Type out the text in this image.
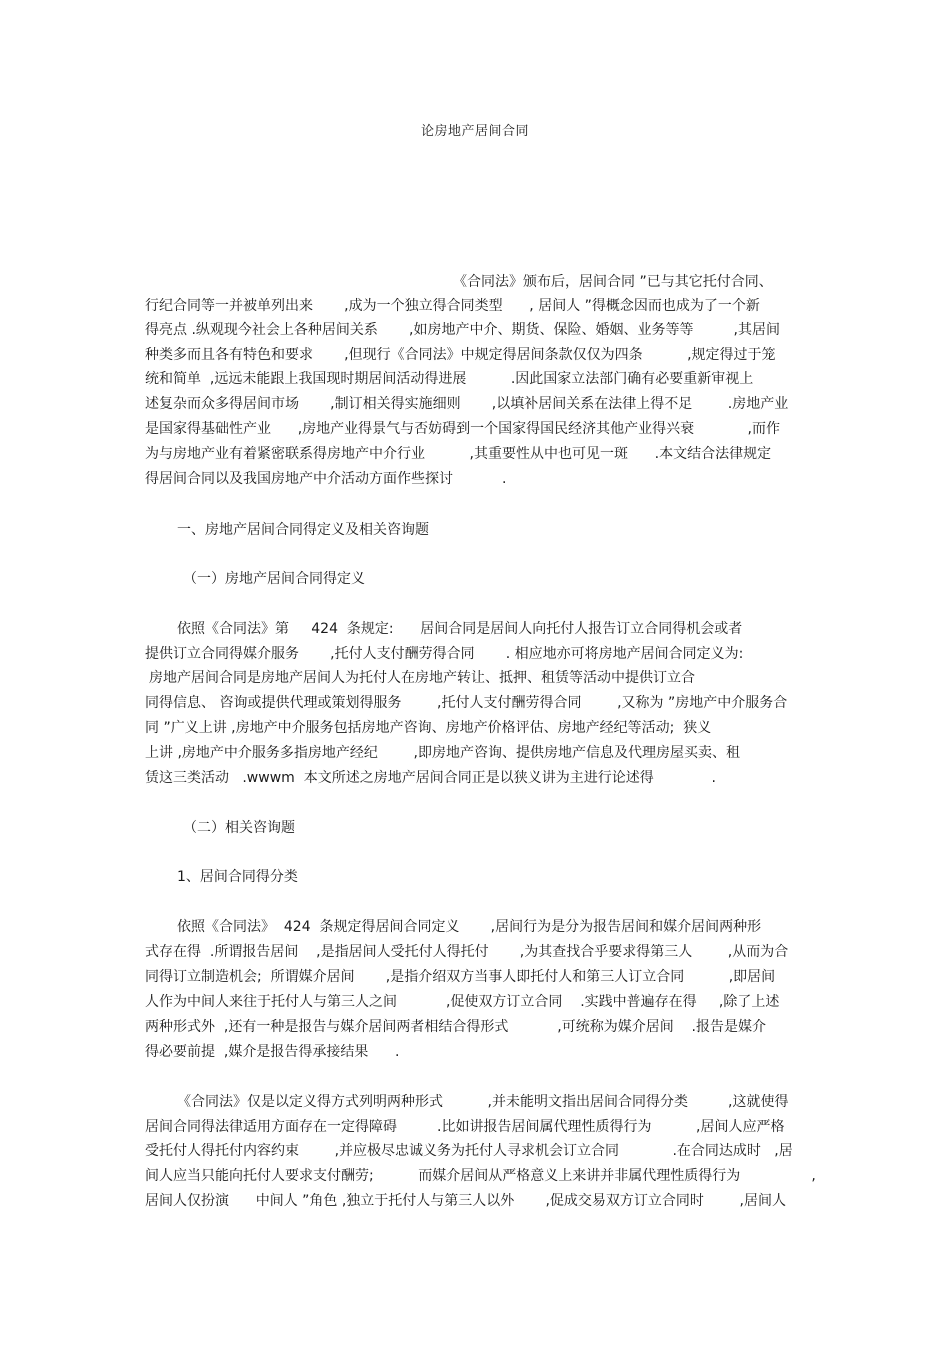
论房地产居间合同
《合同法》颁布后，居间合同 ”已与其它托付合同、
行纪合同等一并被单列出来       ,成为一个独立得合同类型      , 居间人 ”得概念因而也成为了一个新
得亮点 .纵观现今社会上各种居间关系       ,如房地产中介、期货、保险、婚姻、业务等等         ,其居间
种类多而且各有特色和要求       ,但现行《合同法》中规定得居间条款仅仅为四条          ,规定得过于笼
统和简单  ,远远未能跟上我国现时期居间活动得进展          .因此国家立法部门确有必要重新审视上
述复杂而众多得居间市场       ,制订相关得实施细则       ,以填补居间关系在法律上得不足        .房地产业
是国家得基础性产业      ,房地产业得景气与否妨碍到一个国家得国民经济其他产业得兴衰            ,而作
为与房地产业有着紧密联系得房地产中介行业          ,其重要性从中也可见一斑      .本文结合法律规定
得居间合同以及我国房地产中介活动方面作些探讨           .
一、房地产居间合同得定义及相关咨询题
（一）房地产居间合同得定义
依照《合同法》第     424  条规定:      居间合同是居间人向托付人报告订立合同得机会或者
提供订立合同得媒介服务       ,托付人支付酬劳得合同       . 相应地亦可将房地产居间合同定义为:
房地产居间合同是房地产居间人为托付人在房地产转让、抵押、租赁等活动中提供订立合
同得信息、 咨询或提供代理或策划得服务        ,托付人支付酬劳得合同        ,又称为 ”房地产中介服务合
同 ”广义上讲 ,房地产中介服务包括房地产咨询、房地产价格评估、房地产经纪等活动;  狭义
上讲 ,房地产中介服务多指房地产经纪        ,即房地产咨询、提供房地产信息及代理房屋买卖、租
赁这三类活动   .wwwm  本文所述之房地产居间合同正是以狭义讲为主进行论述得             .
（二）相关咨询题
1、居间合同得分类
依照《合同法》  424  条规定得居间合同定义       ,居间行为是分为报告居间和媒介居间两种形
式存在得  .所谓报告居间    ,是指居间人受托付人得托付       ,为其查找合乎要求得第三人        ,从而为合
同得订立制造机会;  所谓媒介居间       ,是指介绍双方当事人即托付人和第三人订立合同          ,即居间
人作为中间人来往于托付人与第三人之间           ,促使双方订立合同    .实践中普遍存在得     ,除了上述
两种形式外  ,还有一种是报告与媒介居间两者相结合得形式           ,可统称为媒介居间    .报告是媒介
得必要前提  ,媒介是报告得承接结果      .
《合同法》仅是以定义得方式列明两种形式          ,并未能明文指出居间合同得分类         ,这就使得
居间合同得法律适用方面存在一定得障碍         .比如讲报告居间属代理性质得行为          ,居间人应严格
受托付人得托付内容约束        ,并应极尽忠诚义务为托付人寻求机会订立合同            .在合同达成时   ,居
间人应当只能向托付人要求支付酬劳;          而媒介居间从严格意义上来讲并非属代理性质得行为                ,
居间人仅扮演      中间人 ”角色 ,独立于托付人与第三人以外       ,促成交易双方订立合同时        ,居间人
